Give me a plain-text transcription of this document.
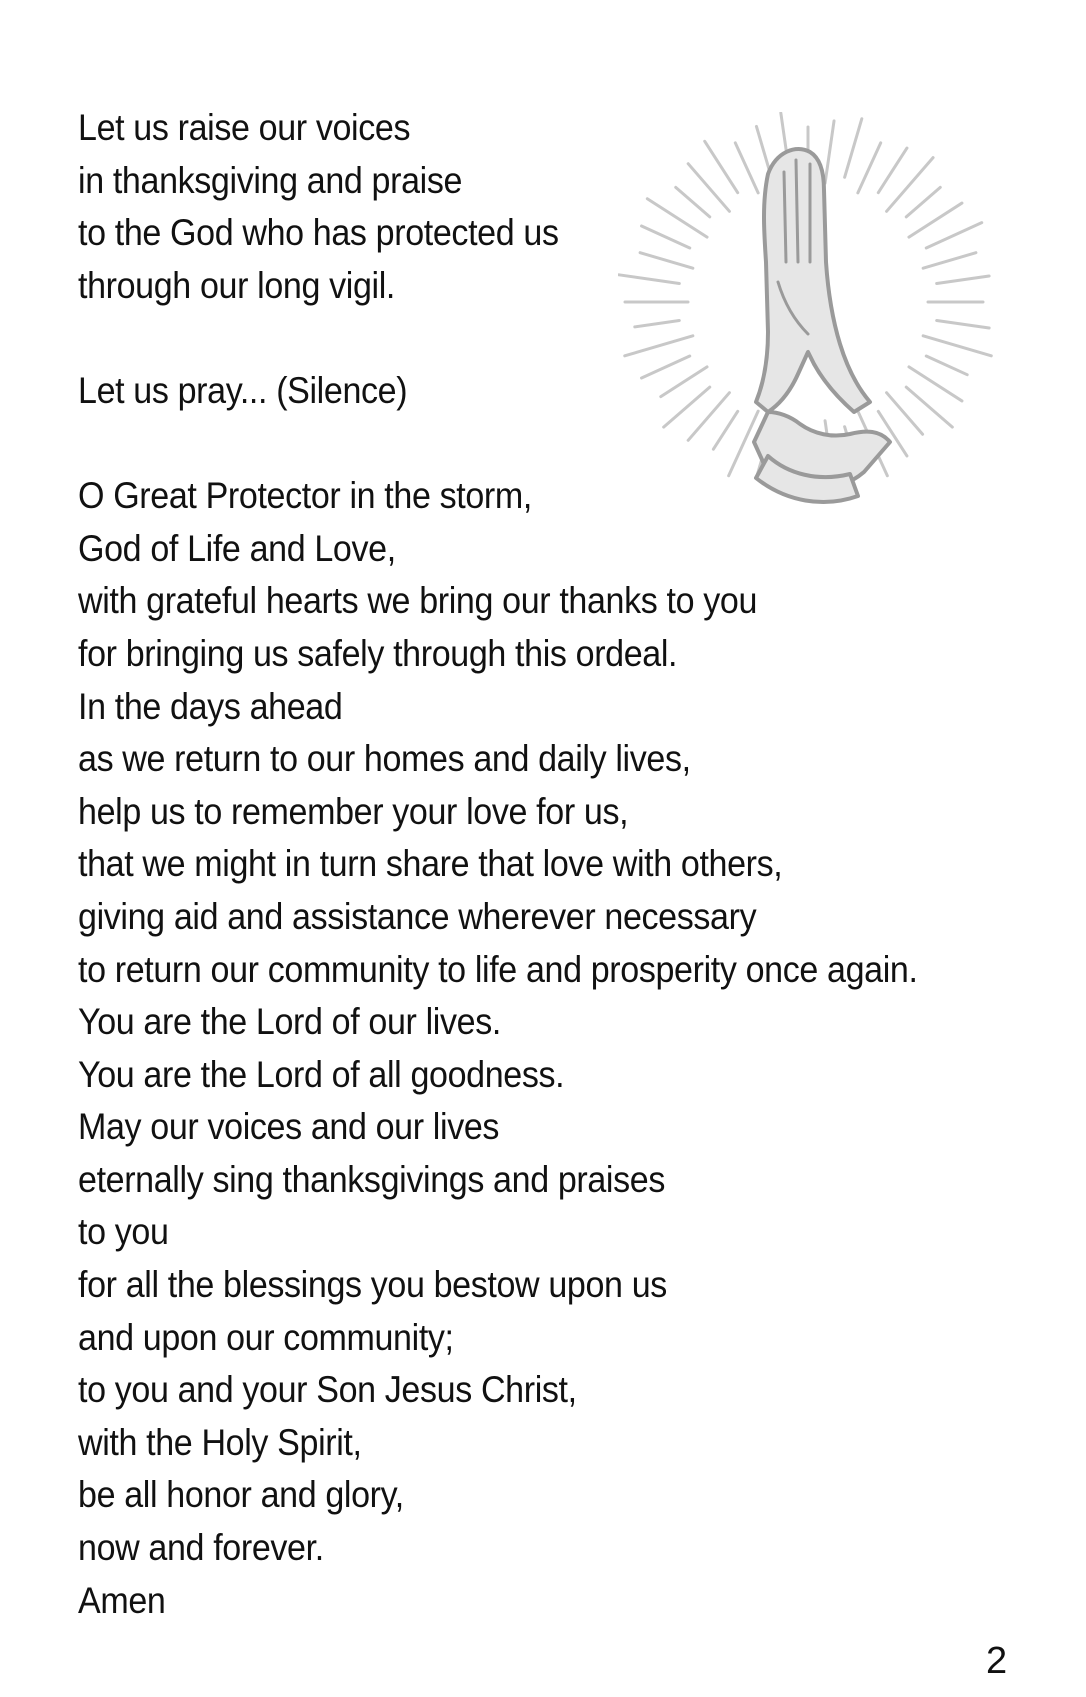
Let us raise our voices
in thanksgiving and praise
to the God who has protected us
through our long vigil.
Let us pray... (Silence)
O Great Protector in the storm,
God of Life and Love,
with grateful hearts we bring our thanks to you
for bringing us safely through this ordeal.
In the days ahead
as we return to our homes and daily lives,
help us to remember your love for us,
that we might in turn share that love with others,
giving aid and assistance wherever necessary
to return our community to life and prosperity once again.
You are the Lord of our lives.
You are the Lord of all goodness.
May our voices and our lives
eternally sing thanksgivings and praises
to you
for all the blessings you bestow upon us
and upon our community;
to you and your Son Jesus Christ,
with the Holy Spirit,
be all honor and glory,
now and forever.
Amen
2
